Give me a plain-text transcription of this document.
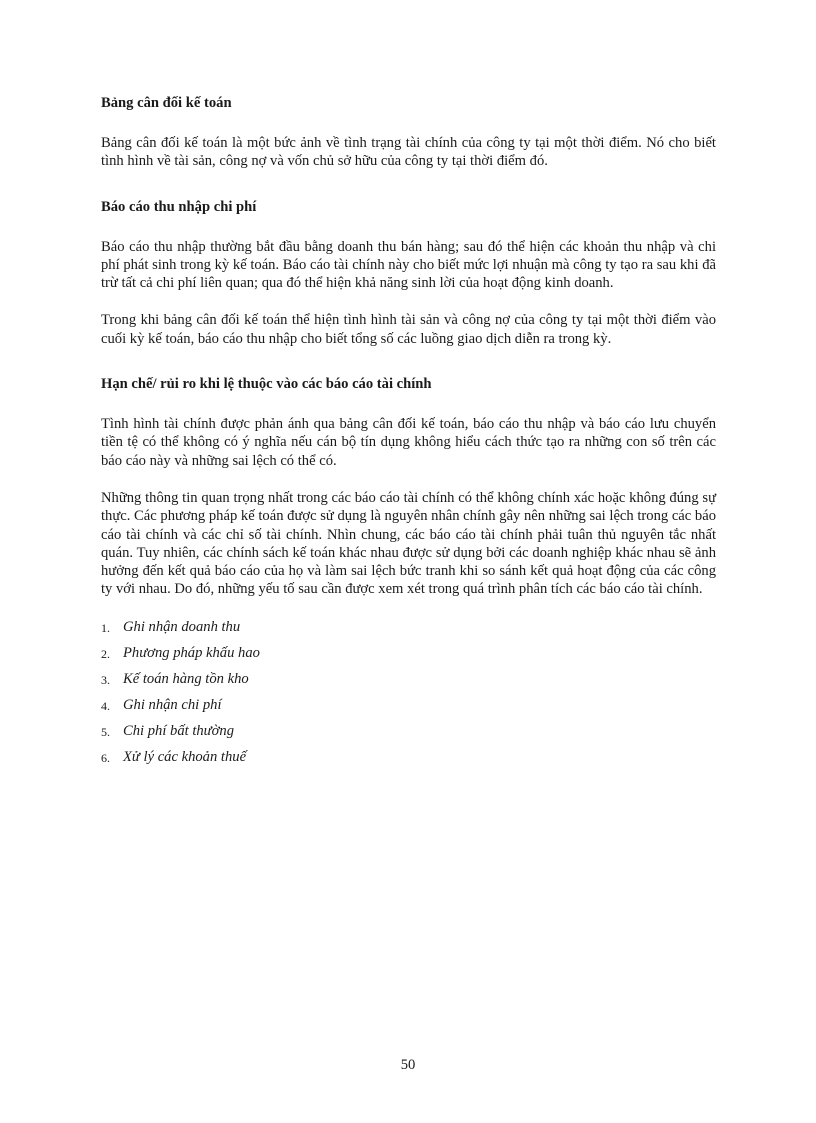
Bảng cân đối kế toán

Bảng cân đối kế toán là một bức ảnh về tình trạng tài chính của công ty tại một thời điểm. Nó cho biết tình hình về tài sản, công nợ và vốn chủ sở hữu của công ty tại thời điểm đó.

Báo cáo thu nhập chi phí

Báo cáo thu nhập thường bắt đầu bằng doanh thu bán hàng; sau đó thể hiện các khoản thu nhập và chi phí phát sinh trong kỳ kế toán. Báo cáo tài chính này cho biết mức lợi nhuận mà công ty tạo ra sau khi đã trừ tất cả chi phí liên quan; qua đó thể hiện khả năng sinh lời của hoạt động kinh doanh.

Trong khi bảng cân đối kế toán thể hiện tình hình tài sản và công nợ của công ty tại một thời điểm vào cuối kỳ kế toán, báo cáo thu nhập cho biết tổng số các luồng giao dịch diễn ra trong kỳ.

Hạn chế/ rủi ro khi lệ thuộc vào các báo cáo tài chính

Tình hình tài chính được phản ánh qua bảng cân đối kế toán, báo cáo thu nhập và báo cáo lưu chuyển tiền tệ có thể không có ý nghĩa nếu cán bộ tín dụng không hiểu cách thức tạo ra những con số trên các báo cáo này và những sai lệch có thể có.

Những thông tin quan trọng nhất trong các báo cáo tài chính có thể không chính xác hoặc không đúng sự thực. Các phương pháp kế toán được sử dụng là nguyên nhân chính gây nên những sai lệch trong các báo cáo tài chính và các chỉ số tài chính. Nhìn chung, các báo cáo tài chính phải tuân thủ nguyên tắc nhất quán. Tuy nhiên, các chính sách kế toán khác nhau được sử dụng bởi các doanh nghiệp khác nhau sẽ ảnh hưởng đến kết quả báo cáo của họ và làm sai lệch bức tranh khi so sánh kết quả hoạt động của các công ty với nhau. Do đó, những yếu tố sau cần được xem xét trong quá trình phân tích các báo cáo tài chính.

1. Ghi nhận doanh thu
2. Phương pháp khấu hao
3. Kế toán hàng tồn kho
4. Ghi nhận chi phí
5. Chi phí bất thường
6. Xử lý các khoản thuế
50
